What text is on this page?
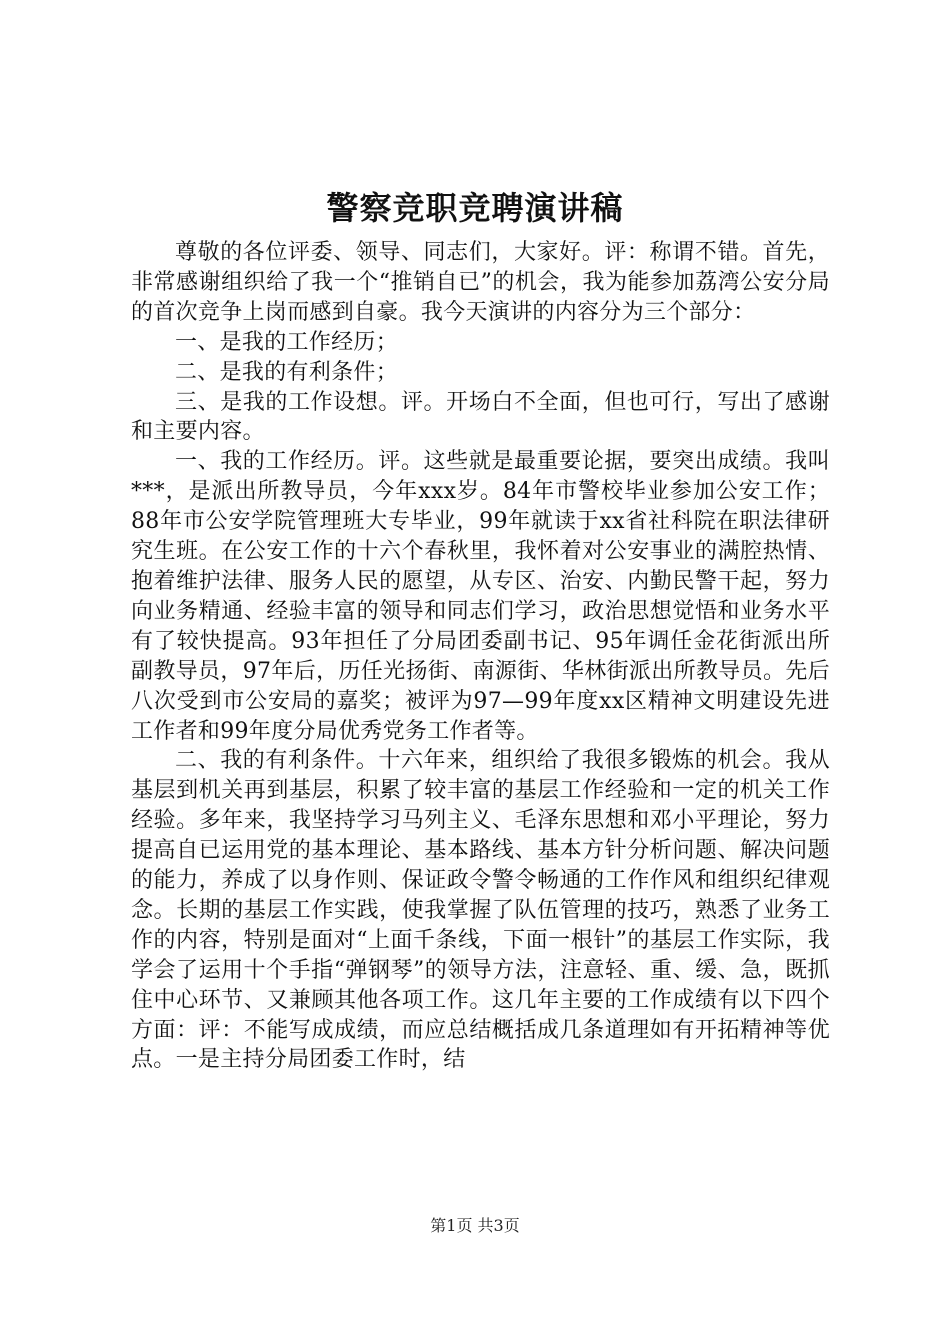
警察竞职竞聘演讲稿

尊敬的各位评委、领导、同志们，大家好。评：称谓不错。首先，非常感谢组织给了我一个“推销自已”的机会，我为能参加荔湾公安分局的首次竞争上岗而感到自豪。我今天演讲的内容分为三个部分：

一、是我的工作经历；

二、是我的有利条件；

三、是我的工作设想。评。开场白不全面，但也可行，写出了感谢和主要内容。

一、我的工作经历。评。这些就是最重要论据，要突出成绩。我叫***，是派出所教导员，今年xxx岁。84年市警校毕业参加公安工作；88年市公安学院管理班大专毕业，99年就读于xx省社科院在职法律研究生班。在公安工作的十六个春秋里，我怀着对公安事业的满腔热情、抱着维护法律、服务人民的愿望，从专区、治安、内勤民警干起，努力向业务精通、经验丰富的领导和同志们学习，政治思想觉悟和业务水平有了较快提高。93年担任了分局团委副书记、95年调任金花街派出所副教导员，97年后，历任光扬街、南源街、华林街派出所教导员。先后八次受到市公安局的嘉奖；被评为97—99年度xx区精神文明建设先进工作者和99年度分局优秀党务工作者等。

二、我的有利条件。十六年来，组织给了我很多锻炼的机会。我从基层到机关再到基层，积累了较丰富的基层工作经验和一定的机关工作经验。多年来，我坚持学习马列主义、毛泽东思想和邓小平理论，努力提高自已运用党的基本理论、基本路线、基本方针分析问题、解决问题的能力，养成了以身作则、保证政令警令畅通的工作作风和组织纪律观念。长期的基层工作实践，使我掌握了队伍管理的技巧，熟悉了业务工作的内容，特别是面对“上面千条线，下面一根针”的基层工作实际，我学会了运用十个手指“弹钢琴”的领导方法，注意轻、重、缓、急，既抓住中心环节、又兼顾其他各项工作。这几年主要的工作成绩有以下四个方面：评：不能写成成绩，而应总结概括成几条道理如有开拓精神等优点。一是主持分局团委工作时，结

第1页 共3页
